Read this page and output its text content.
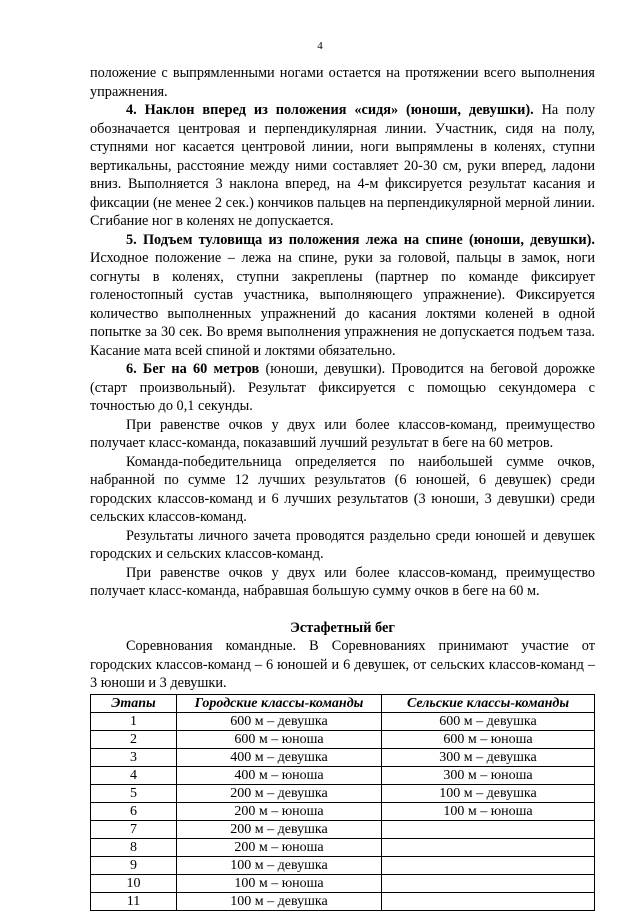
4

положение с выпрямленными ногами остается на протяжении всего выполнения упражнения.

4. Наклон вперед из положения «сидя» (юноши, девушки). На полу обозначается центровая и перпендикулярная линии. Участник, сидя на полу, ступнями ног касается центровой линии, ноги выпрямлены в коленях, ступни вертикальны, расстояние между ними составляет 20-30 см, руки вперед, ладони вниз. Выполняется 3 наклона вперед, на 4-м фиксируется результат касания и фиксации (не менее 2 сек.) кончиков пальцев на перпендикулярной мерной линии. Сгибание ног в коленях не допускается.

5. Подъем туловища из положения лежа на спине (юноши, девушки). Исходное положение – лежа на спине, руки за головой, пальцы в замок, ноги согнуты в коленях, ступни закреплены (партнер по команде фиксирует голеностопный сустав участника, выполняющего упражнение). Фиксируется количество выполненных упражнений до касания локтями коленей в одной попытке за 30 сек. Во время выполнения упражнения не допускается подъем таза. Касание мата всей спиной и локтями обязательно.

6. Бег на 60 метров (юноши, девушки). Проводится на беговой дорожке (старт произвольный). Результат фиксируется с помощью секундомера с точностью до 0,1 секунды.

При равенстве очков у двух или более классов-команд, преимущество получает класс-команда, показавший лучший результат в беге на 60 метров.

Команда-победительница определяется по наибольшей сумме очков, набранной по сумме 12 лучших результатов (6 юношей, 6 девушек) среди городских классов-команд и 6 лучших результатов (3 юноши, 3 девушки) среди сельских классов-команд.

Результаты личного зачета проводятся раздельно среди юношей и девушек городских и сельских классов-команд.

При равенстве очков у двух или более классов-команд, преимущество получает класс-команда, набравшая большую сумму очков в беге на 60 м.

Эстафетный бег

Соревнования командные. В Соревнованиях принимают участие от городских классов-команд – 6 юношей и 6 девушек, от сельских классов-команд – 3 юноши и 3 девушки.

Этапы	Городские классы-команды	Сельские классы-команды
1	600 м – девушка	600 м – девушка
2	600 м – юноша	600 м – юноша
3	400 м – девушка	300 м – девушка
4	400 м – юноша	300 м – юноша
5	200 м – девушка	100 м – девушка
6	200 м – юноша	100 м – юноша
7	200 м – девушка	
8	200 м – юноша	
9	100 м – девушка	
10	100 м – юноша	
11	100 м – девушка	
